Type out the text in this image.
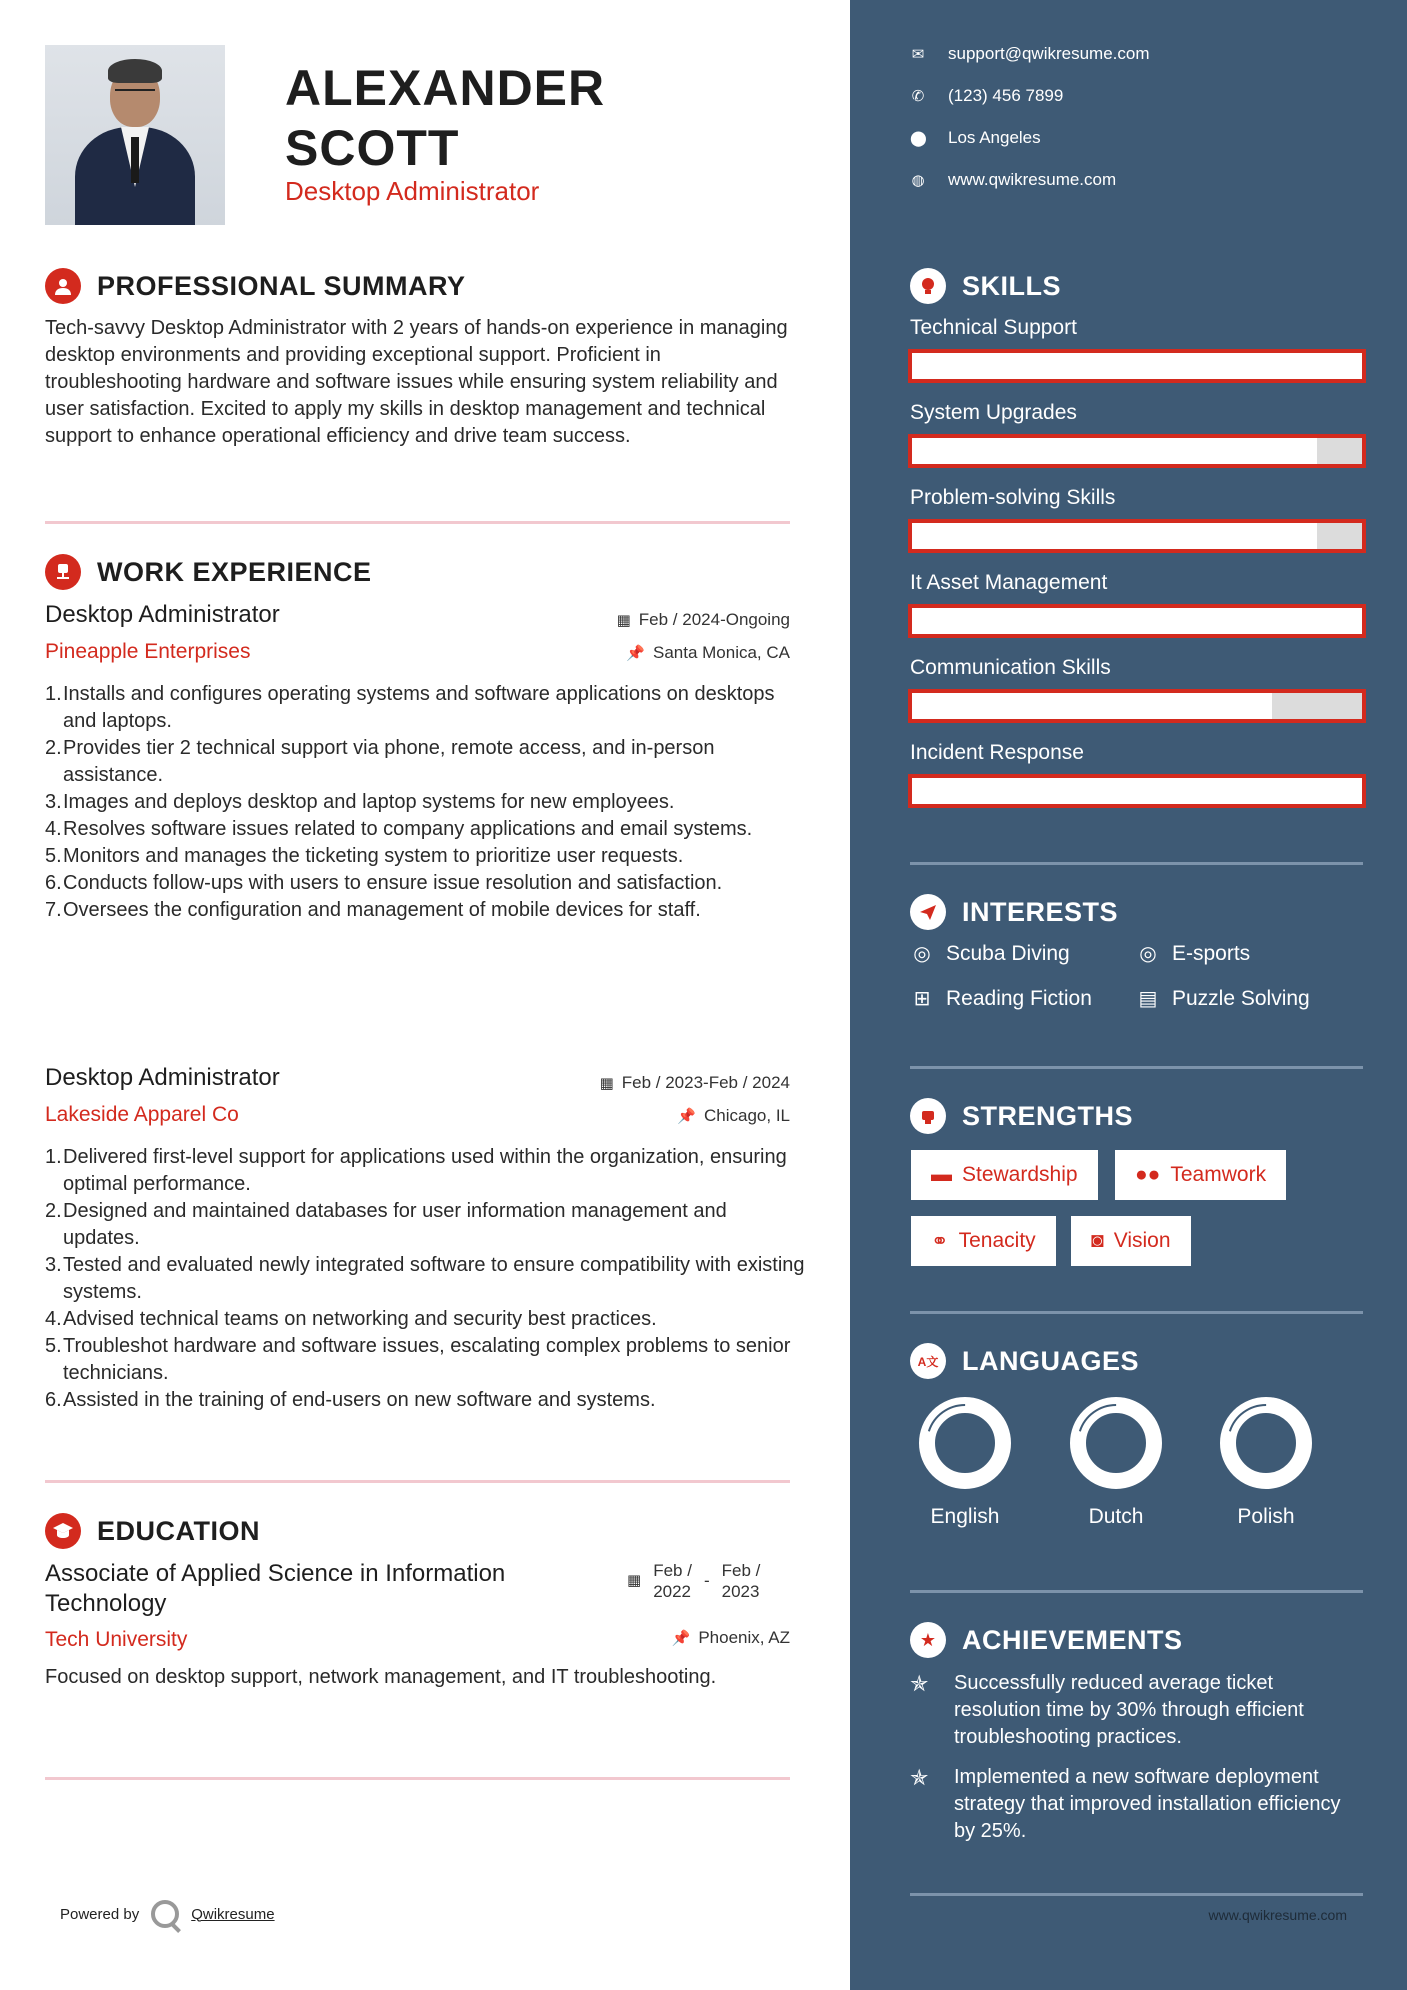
ALEXANDER
SCOTT
Desktop Administrator
PROFESSIONAL SUMMARY
Tech-savvy Desktop Administrator with 2 years of hands-on experience in managing desktop environments and providing exceptional support. Proficient in troubleshooting hardware and software issues while ensuring system reliability and user satisfaction. Excited to apply my skills in desktop management and technical support to enhance operational efficiency and drive team success.
WORK EXPERIENCE
Desktop Administrator	▦ Feb / 2024-Ongoing
Pineapple Enterprises	📌 Santa Monica, CA
1. Installs and configures operating systems and software applications on desktops and laptops.
2. Provides tier 2 technical support via phone, remote access, and in-person assistance.
3. Images and deploys desktop and laptop systems for new employees.
4. Resolves software issues related to company applications and email systems.
5. Monitors and manages the ticketing system to prioritize user requests.
6. Conducts follow-ups with users to ensure issue resolution and satisfaction.
7. Oversees the configuration and management of mobile devices for staff.
Desktop Administrator	▦ Feb / 2023-Feb / 2024
Lakeside Apparel Co	📌 Chicago, IL
1. Delivered first-level support for applications used within the organization, ensuring optimal performance.
2. Designed and maintained databases for user information management and updates.
3. Tested and evaluated newly integrated software to ensure compatibility with existing systems.
4. Advised technical teams on networking and security best practices.
5. Troubleshot hardware and software issues, escalating complex problems to senior technicians.
6. Assisted in the training of end-users on new software and systems.
EDUCATION
Associate of Applied Science in Information
Technology
▦
Feb /
2022
-
Feb /
2023
Tech University	📌 Phoenix, AZ
Focused on desktop support, network management, and IT troubleshooting.
Powered by	Qwikresume
✉ support@qwikresume.com
✆ (123) 456 7899
⬤ Los Angeles
◍ www.qwikresume.com
SKILLS
Technical Support
System Upgrades
Problem-solving Skills
It Asset Management
Communication Skills
Incident Response
INTERESTS
◎ Scuba Diving	◎ E-sports
⊞ Reading Fiction ▤ Puzzle Solving
STRENGTHS
▬ Stewardship	●● Teamwork
⚭ Tenacity	◙ Vision
A文 LANGUAGES
English	Dutch	Polish
★ ACHIEVEMENTS
✯	Successfully reduced average ticket resolution time by 30% through efficient troubleshooting practices.
✯	Implemented a new software deployment strategy that improved installation efficiency by 25%.
www.qwikresume.com
